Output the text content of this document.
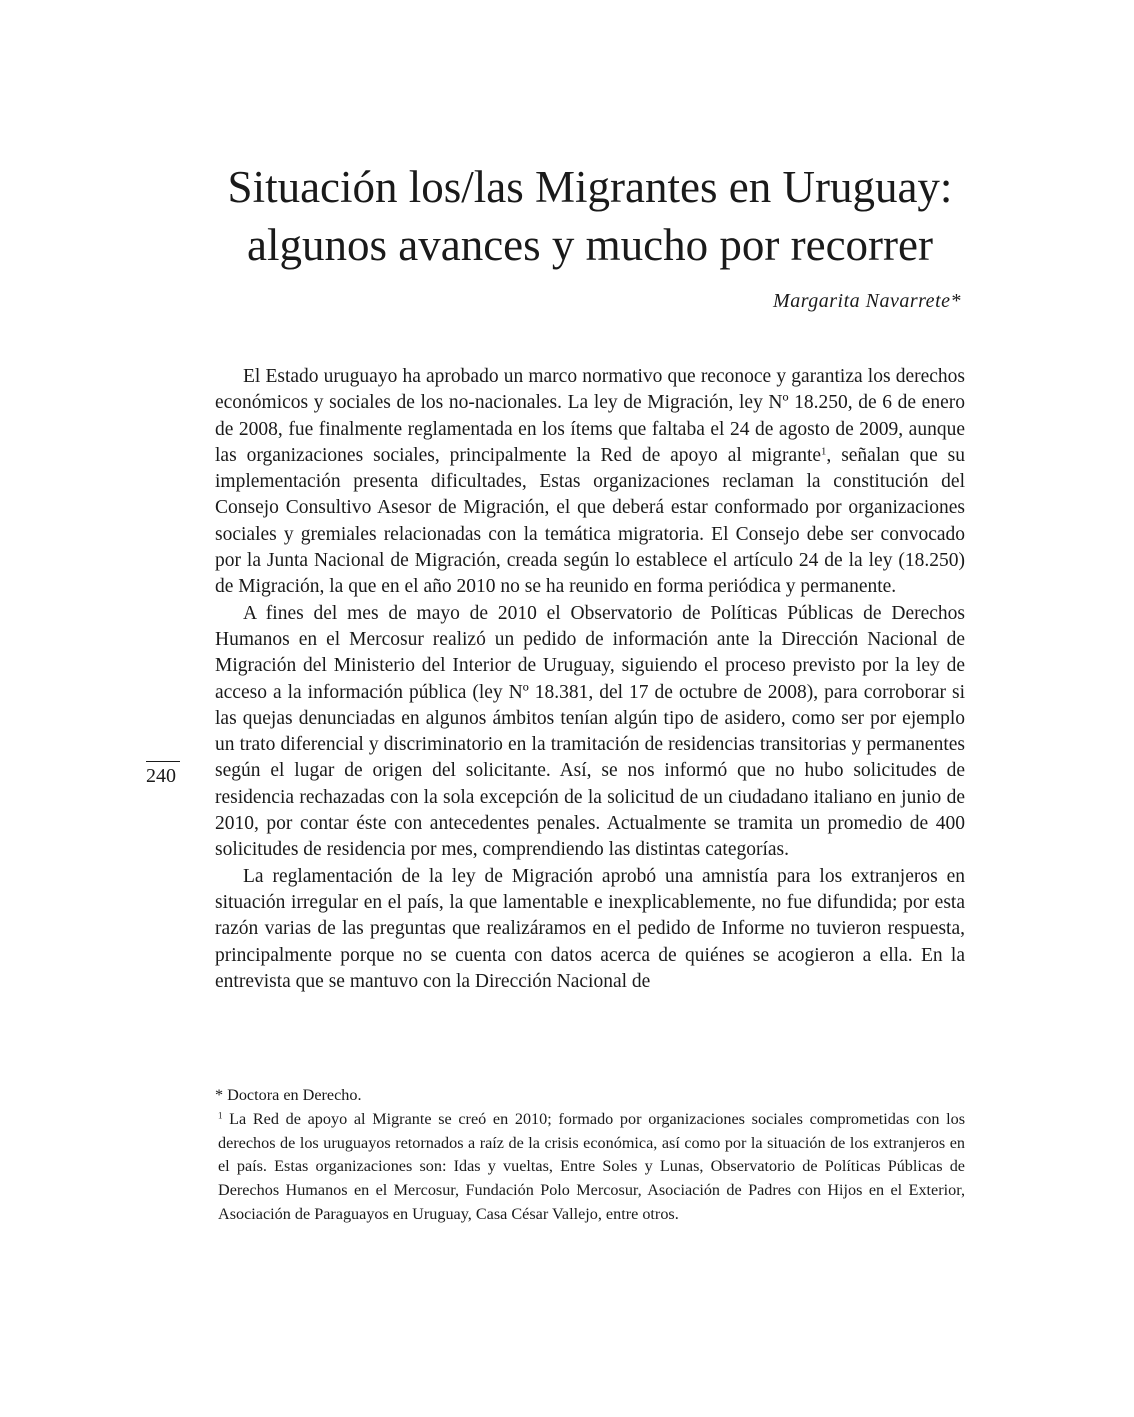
Situación los/las Migrantes en Uruguay:
algunos avances y mucho por recorrer
Margarita Navarrete*

El Estado uruguayo ha aprobado un marco normativo que reconoce y garantiza los derechos económicos y sociales de los no-nacionales. La ley de Migración, ley Nº 18.250, de 6 de enero de 2008, fue finalmente reglamentada en los ítems que faltaba el 24 de agosto de 2009, aunque las organizaciones sociales, principalmente la Red de apoyo al migrante$^1$, señalan que su implementación presenta dificultades, Estas organizaciones reclaman la constitución del Consejo Consultivo Asesor de Migración, el que deberá estar conformado por organizaciones sociales y gremiales relacionadas con la temática migratoria. El Consejo debe ser convocado por la Junta Nacional de Migración, creada según lo establece el artículo 24 de la ley (18.250) de Migración, la que en el año 2010 no se ha reunido en forma periódica y permanente.

A fines del mes de mayo de 2010 el Observatorio de Políticas Públicas de Derechos Humanos en el Mercosur realizó un pedido de información ante la Dirección Nacional de Migración del Ministerio del Interior de Uruguay, siguiendo el proceso previsto por la ley de acceso a la información pública (ley Nº 18.381, del 17 de octubre de 2008), para corroborar si las quejas denunciadas en algunos ámbitos tenían algún tipo de asidero, como ser por ejemplo un trato diferencial y discriminatorio en la tramitación de residencias transitorias y permanentes según el lugar de origen del solicitante. Así, se nos informó que no hubo solicitudes de residencia rechazadas con la sola excepción de la solicitud de un ciudadano italiano en junio de 2010, por contar éste con antecedentes penales. Actualmente se tramita un promedio de 400 solicitudes de residencia por mes, comprendiendo las distintas categorías.

La reglamentación de la ley de Migración aprobó una amnistía para los extranjeros en situación irregular en el país, la que lamentable e inexplicablemente, no fue difundida; por esta razón varias de las preguntas que realizáramos en el pedido de Informe no tuvieron respuesta, principalmente porque no se cuenta con datos acerca de quiénes se acogieron a ella. En la entrevista que se mantuvo con la Dirección Nacional de

240

* Doctora en Derecho.

$^1$ La Red de apoyo al Migrante se creó en 2010; formado por organizaciones sociales comprometidas con los derechos de los uruguayos retornados a raíz de la crisis económica, así como por la situación de los extranjeros en el país. Estas organizaciones son: Idas y vueltas, Entre Soles y Lunas, Observatorio de Políticas Públicas de Derechos Humanos en el Mercosur, Fundación Polo Mercosur, Asociación de Padres con Hijos en el Exterior, Asociación de Paraguayos en Uruguay, Casa César Vallejo, entre otros.
